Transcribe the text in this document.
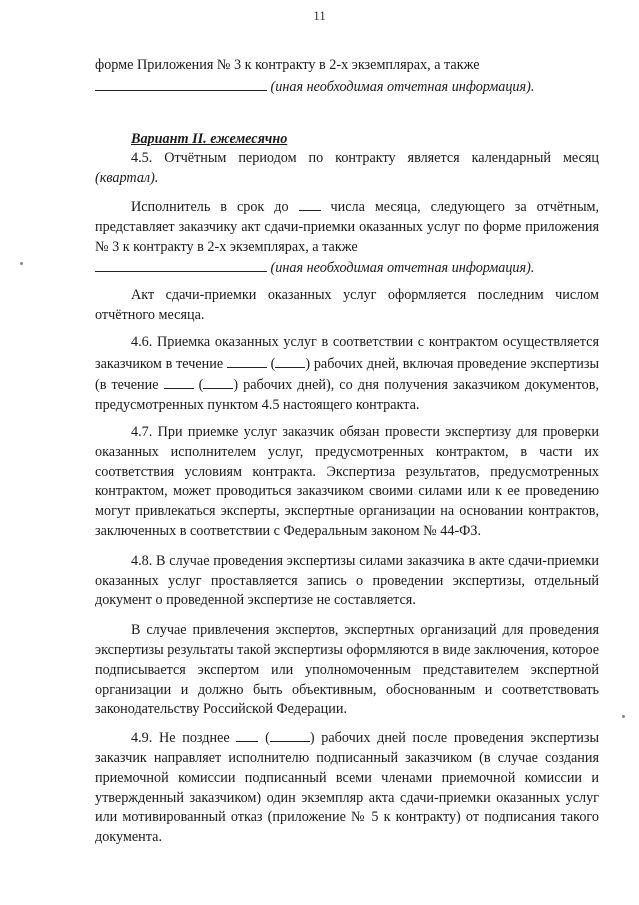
11

форме Приложения № 3 к контракту в 2-х экземплярах, а также
(иная необходимая отчетная информация).

Вариант II. ежемесячно

4.5. Отчётным периодом по контракту является календарный месяц (квартал).

Исполнитель в срок до	числа месяца, следующего за отчётным, представляет заказчику акт сдачи-приемки оказанных услуг по форме приложения № 3 к контракту в 2-х экземплярах, а также
(иная необходимая отчетная информация).

Акт сдачи-приемки оказанных услуг оформляется последним числом отчётного месяца.

4.6. Приемка оказанных услуг в соответствии с контрактом осуществляется заказчиком в течение	( ) рабочих дней, включая проведение экспертизы (в течение  ( ) рабочих дней), со дня получения заказчиком документов, предусмотренных пунктом 4.5 настоящего контракта.

4.7. При приемке услуг заказчик обязан провести экспертизу для проверки оказанных исполнителем услуг, предусмотренных контрактом, в части их соответствия условиям контракта. Экспертиза результатов, предусмотренных контрактом, может проводиться заказчиком своими силами или к ее проведению могут привлекаться эксперты, экспертные организации на основании контрактов, заключенных в соответствии с Федеральным законом № 44-ФЗ.

4.8. В случае проведения экспертизы силами заказчика в акте сдачи-приемки оказанных услуг проставляется запись о проведении экспертизы, отдельный документ о проведенной экспертизе не составляется.

В случае привлечения экспертов, экспертных организаций для проведения экспертизы результаты такой экспертизы оформляются в виде заключения, которое подписывается экспертом или уполномоченным представителем экспертной организации и должно быть объективным, обоснованным и соответствовать законодательству Российской Федерации.

4.9. Не позднее  (	) рабочих дней после проведения экспертизы заказчик направляет исполнителю подписанный заказчиком (в случае создания приемочной комиссии подписанный всеми членами приемочной комиссии и утвержденный заказчиком) один экземпляр акта сдачи-приемки оказанных услуг или мотивированный отказ (приложение № 5 к контракту) от подписания такого документа.
